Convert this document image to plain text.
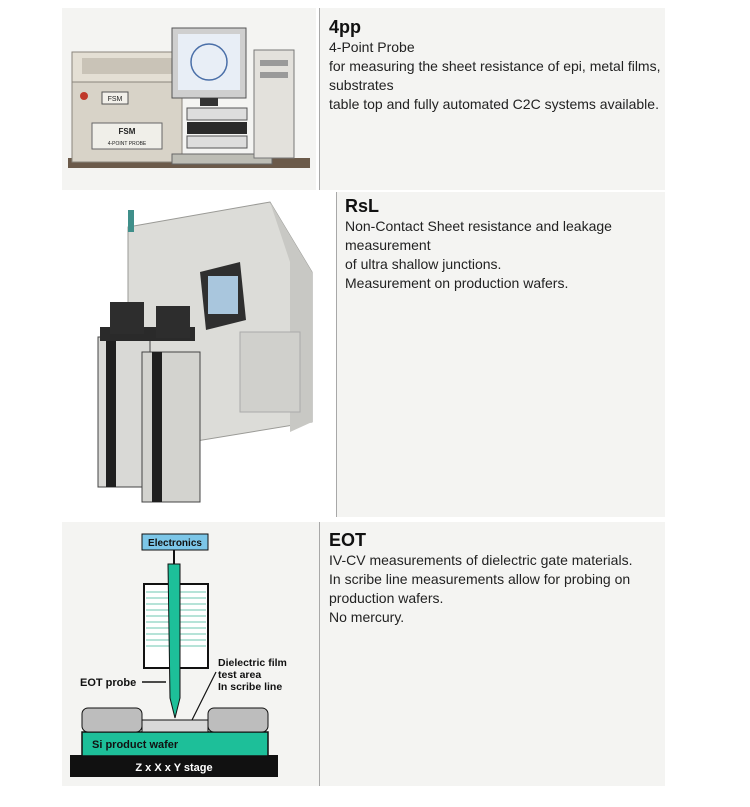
FSM
FSM
4-POINT PROBE
4pp

4-Point Probe

for measuring the sheet resistance of epi, metal films, substrates

table top and fully automated C2C systems available.

RsL

Non-Contact Sheet resistance and leakage measurement

of ultra shallow junctions.

Measurement on production wafers.

Z x X x Y stage
Si product wafer
Electronics
EOT probe
Dielectric film
test area
In scribe line
EOT

IV-CV measurements of dielectric gate materials.

In scribe line measurements allow for probing on production wafers.

No mercury.
